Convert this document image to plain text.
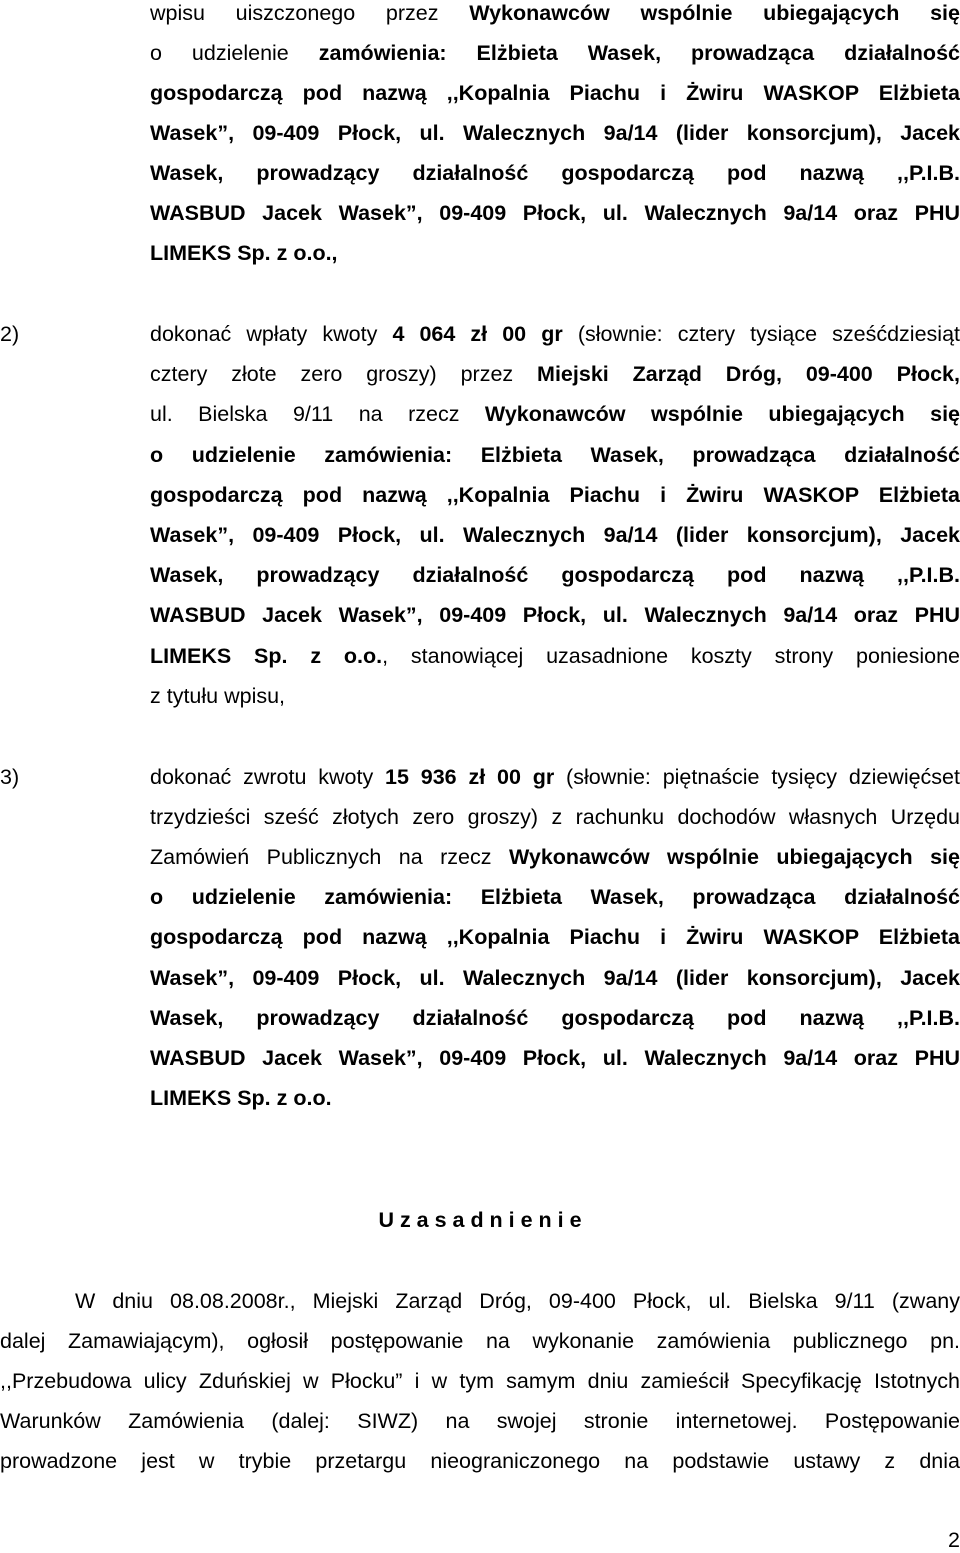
wpisu uiszczonego przez Wykonawców wspólnie ubiegających się
o udzielenie zamówienia: Elżbieta Wasek, prowadząca działalność
gospodarczą pod nazwą ,,Kopalnia Piachu i Żwiru WASKOP Elżbieta
Wasek”, 09-409 Płock, ul. Walecznych 9a/14 (lider konsorcjum), Jacek
Wasek, prowadzący działalność gospodarczą pod nazwą ,,P.I.B.
WASBUD Jacek Wasek”, 09-409 Płock, ul. Walecznych 9a/14 oraz PHU
LIMEKS Sp. z o.o.,
2)	dokonać wpłaty kwoty 4 064 zł 00 gr (słownie: cztery tysiące sześćdziesiąt
cztery złote zero groszy) przez Miejski Zarząd Dróg, 09-400 Płock,
ul. Bielska 9/11 na rzecz Wykonawców wspólnie ubiegających się
o udzielenie zamówienia: Elżbieta Wasek, prowadząca działalność
gospodarczą pod nazwą ,,Kopalnia Piachu i Żwiru WASKOP Elżbieta
Wasek”, 09-409 Płock, ul. Walecznych 9a/14 (lider konsorcjum), Jacek
Wasek, prowadzący działalność gospodarczą pod nazwą ,,P.I.B.
WASBUD Jacek Wasek”, 09-409 Płock, ul. Walecznych 9a/14 oraz PHU
LIMEKS Sp. z o.o., stanowiącej uzasadnione koszty strony poniesione
z tytułu wpisu,
3)	dokonać zwrotu kwoty 15 936 zł 00 gr (słownie: piętnaście tysięcy dziewięćset
trzydzieści sześć złotych zero groszy) z rachunku dochodów własnych Urzędu
Zamówień Publicznych na rzecz Wykonawców wspólnie ubiegających się
o udzielenie zamówienia: Elżbieta Wasek, prowadząca działalność
gospodarczą pod nazwą ,,Kopalnia Piachu i Żwiru WASKOP Elżbieta
Wasek”, 09-409 Płock, ul. Walecznych 9a/14 (lider konsorcjum), Jacek
Wasek, prowadzący działalność gospodarczą pod nazwą ,,P.I.B.
WASBUD Jacek Wasek”, 09-409 Płock, ul. Walecznych 9a/14 oraz PHU
LIMEKS Sp. z o.o.
U z a s a d n i e n i e
W dniu 08.08.2008r., Miejski Zarząd Dróg, 09-400 Płock, ul. Bielska 9/11 (zwany
dalej Zamawiającym), ogłosił postępowanie na wykonanie zamówienia publicznego pn.
,,Przebudowa ulicy Zduńskiej w Płocku” i w tym samym dniu zamieścił Specyfikację Istotnych
Warunków Zamówienia (dalej: SIWZ) na swojej stronie internetowej. Postępowanie
prowadzone jest w trybie przetargu nieograniczonego na podstawie ustawy z dnia
2
